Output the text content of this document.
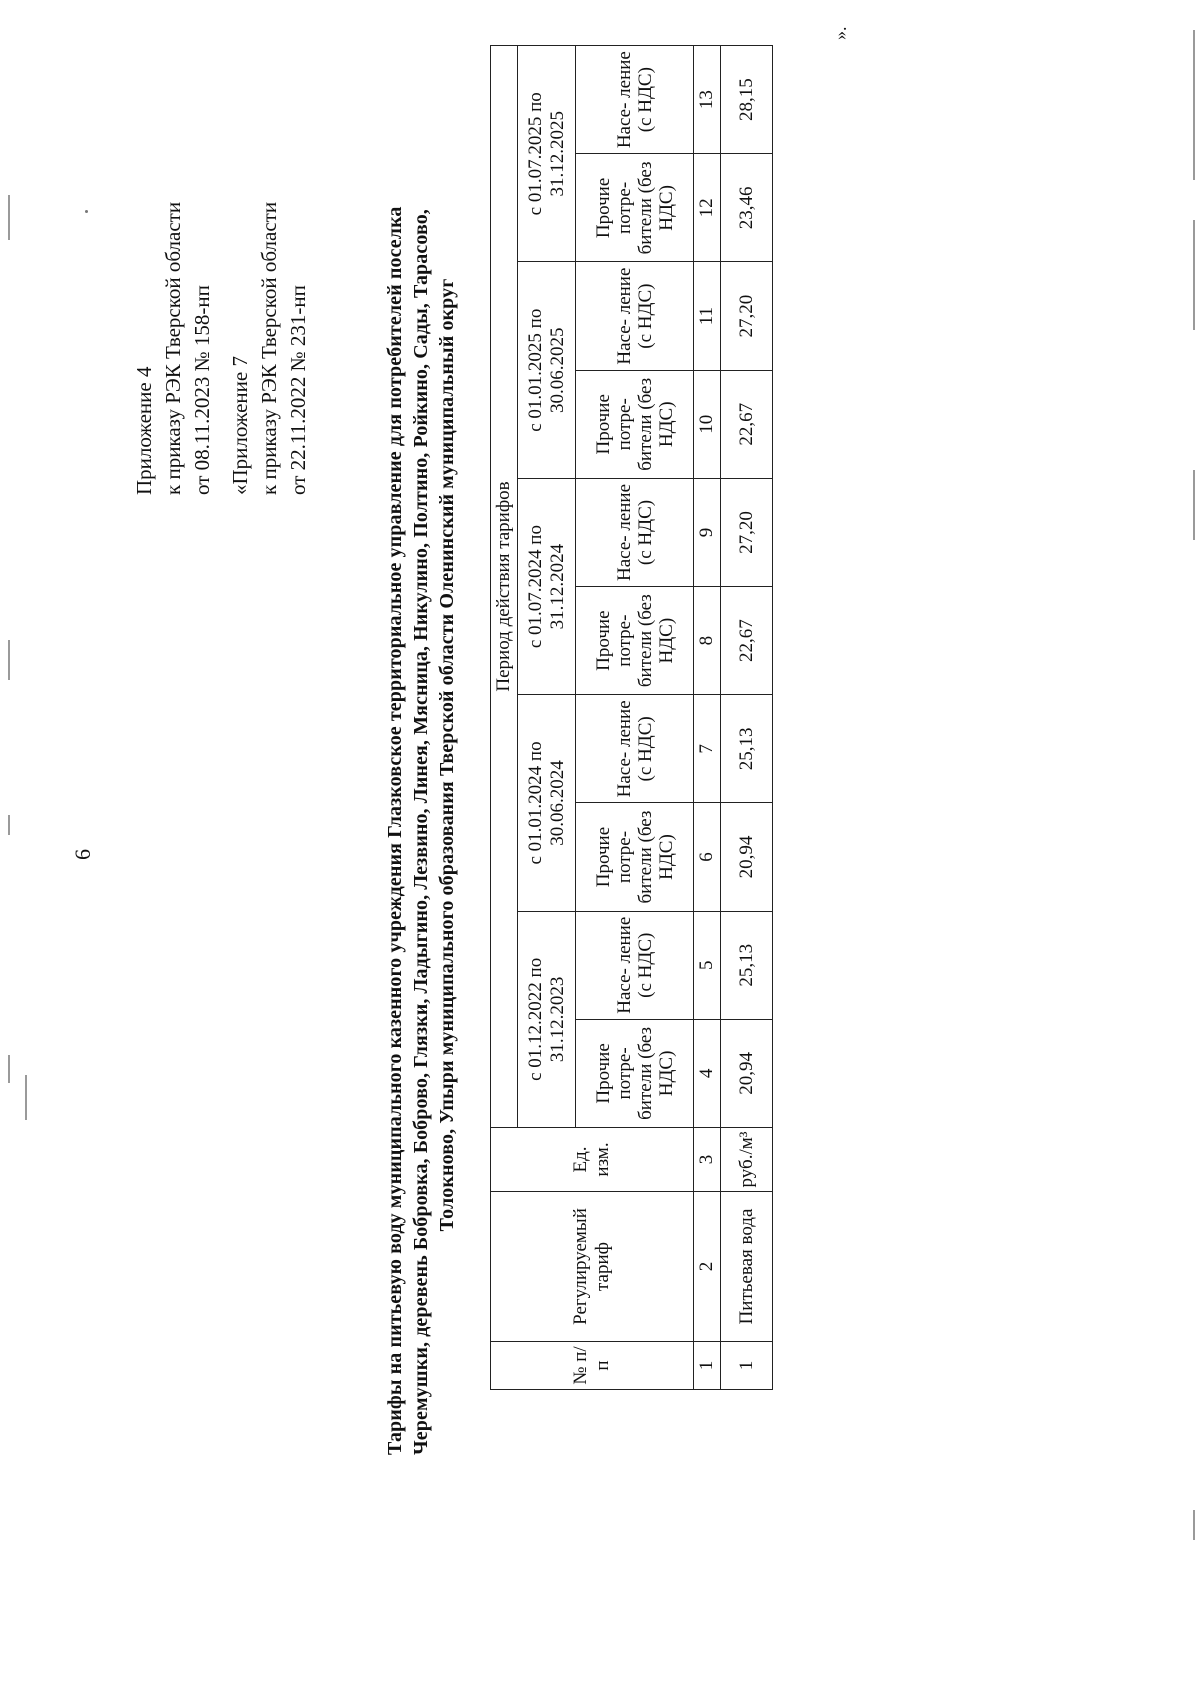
6
Приложение 4 к приказу РЭК Тверской области от 08.11.2023 № 158-нп «Приложение 7 к приказу РЭК Тверской области от 22.11.2022 № 231-нп	Тарифы на питьевую воду муниципального казенного учреждения Глазковское территориальное управление для потребителей поселка Черемушки, деревень Бобровка, Боброво, Глязки, Ладыгино, Лезвино, Линея, Мясница, Никулино, Полтино, Ройкино, Сады, Тарасово, Толокново, Упыри муниципального образования Тверской области Оленинский муниципальный округ
№ п/ п	Регулируемый тариф	Ед. изм.	Период действия тарифов									
			с 01.12.2022 по 31.12.2023		с 01.01.2024 по 30.06.2024		с 01.07.2024 по 31.12.2024		с 01.01.2025 по 30.06.2025		с 01.07.2025 по 31.12.2025	
			Прочие потре- бители (без НДС)	Насе- ление (с НДС)	Прочие потре- бители (без НДС)	Насе- ление (с НДС)	Прочие потре- бители (без НДС)	Насе- ление (с НДС)	Прочие потре- бители (без НДС)	Насе- ление (с НДС)	Прочие потре- бители (без НДС)	Насе- ление (с НДС)
1	2	3	4	5	6	7	8	9	10	11	12	13
1	Питьевая вода	руб./м³	20,94	25,13	20,94	25,13	22,67	27,20	22,67	27,20	23,46	28,15
».
